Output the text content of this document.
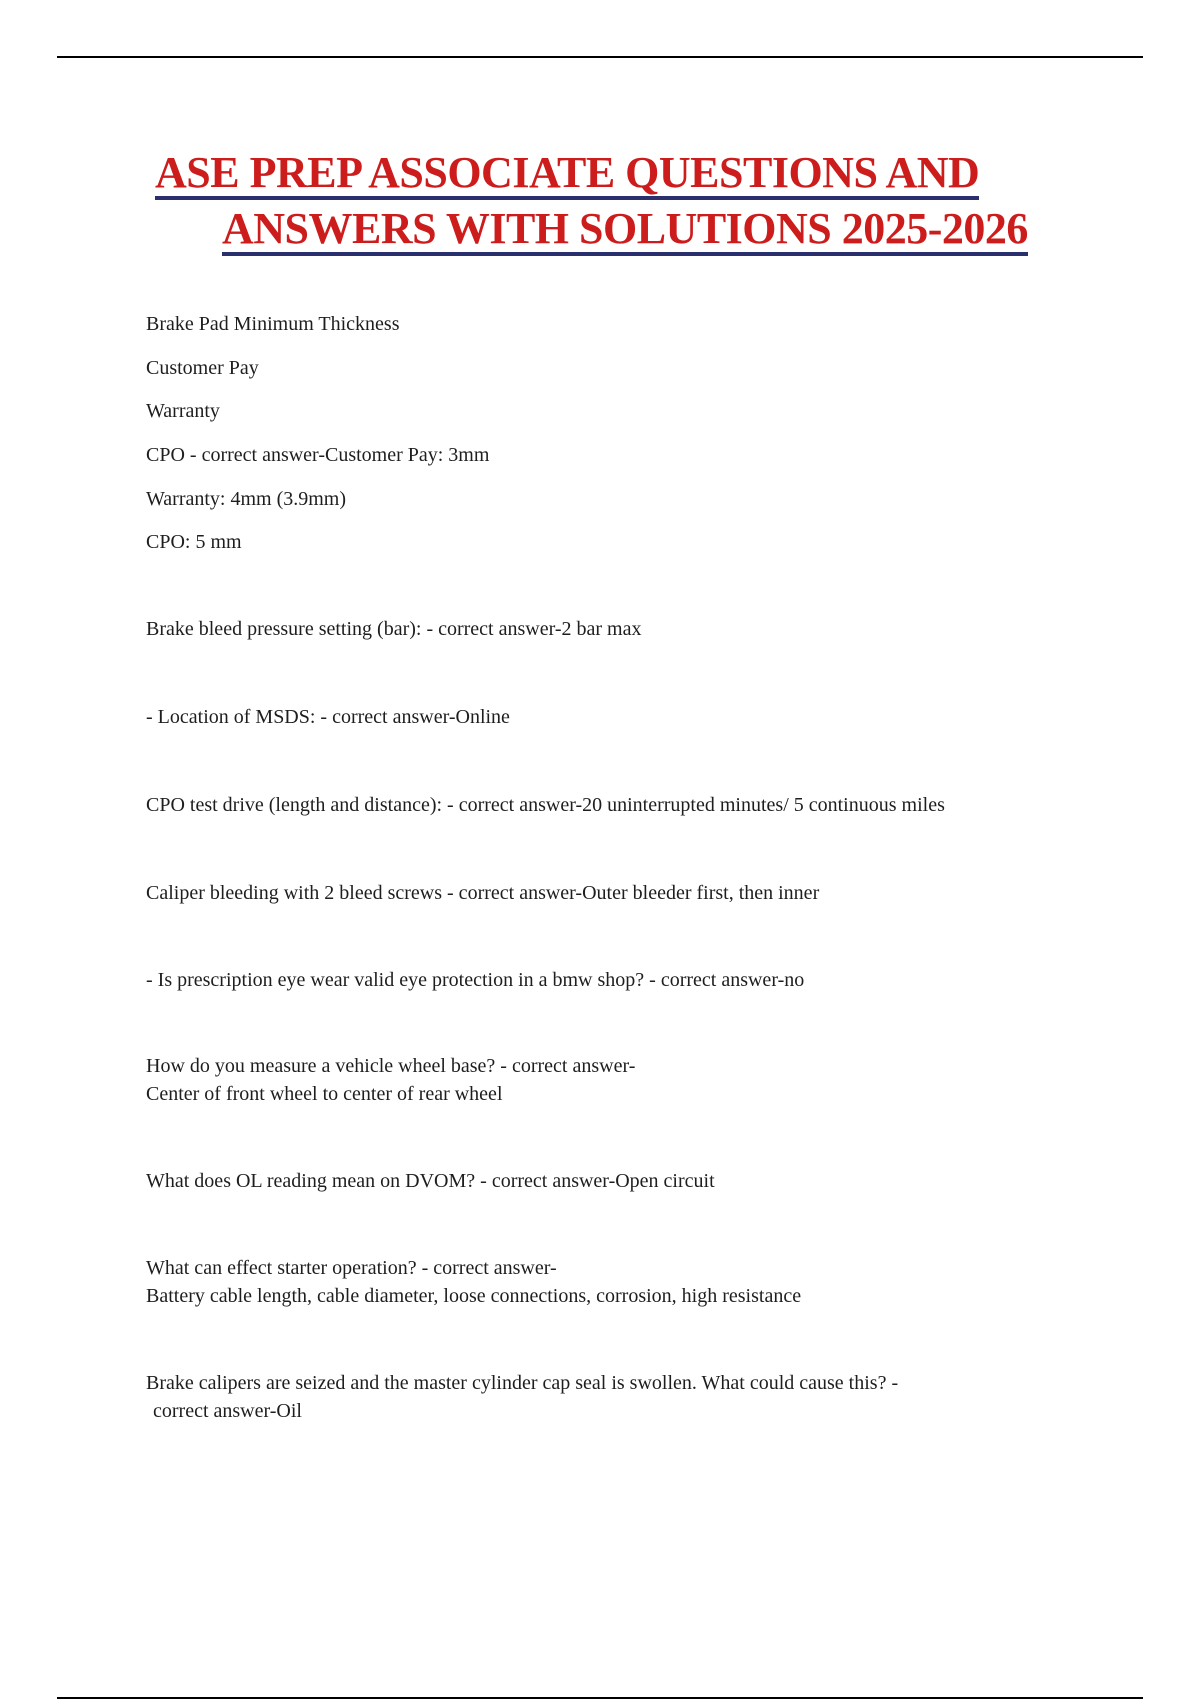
ASE PREP ASSOCIATE QUESTIONS AND
ANSWERS WITH SOLUTIONS 2025-2026

Brake Pad Minimum Thickness

Customer Pay

Warranty

CPO - correct answer-Customer Pay: 3mm

Warranty: 4mm (3.9mm)

CPO: 5 mm

Brake bleed pressure setting (bar): - correct answer-2 bar max

- Location of MSDS: - correct answer-Online

CPO test drive (length and distance): - correct answer-20 uninterrupted minutes/ 5 continuous miles

Caliper bleeding with 2 bleed screws - correct answer-Outer bleeder first, then inner

- Is prescription eye wear valid eye protection in a bmw shop? - correct answer-no

How do you measure a vehicle wheel base? - correct answer-

Center of front wheel to center of rear wheel

What does OL reading mean on DVOM? - correct answer-Open circuit

What can effect starter operation? - correct answer-

Battery cable length, cable diameter, loose connections, corrosion, high resistance

Brake calipers are seized and the master cylinder cap seal is swollen. What could cause this? -

correct answer-Oil
